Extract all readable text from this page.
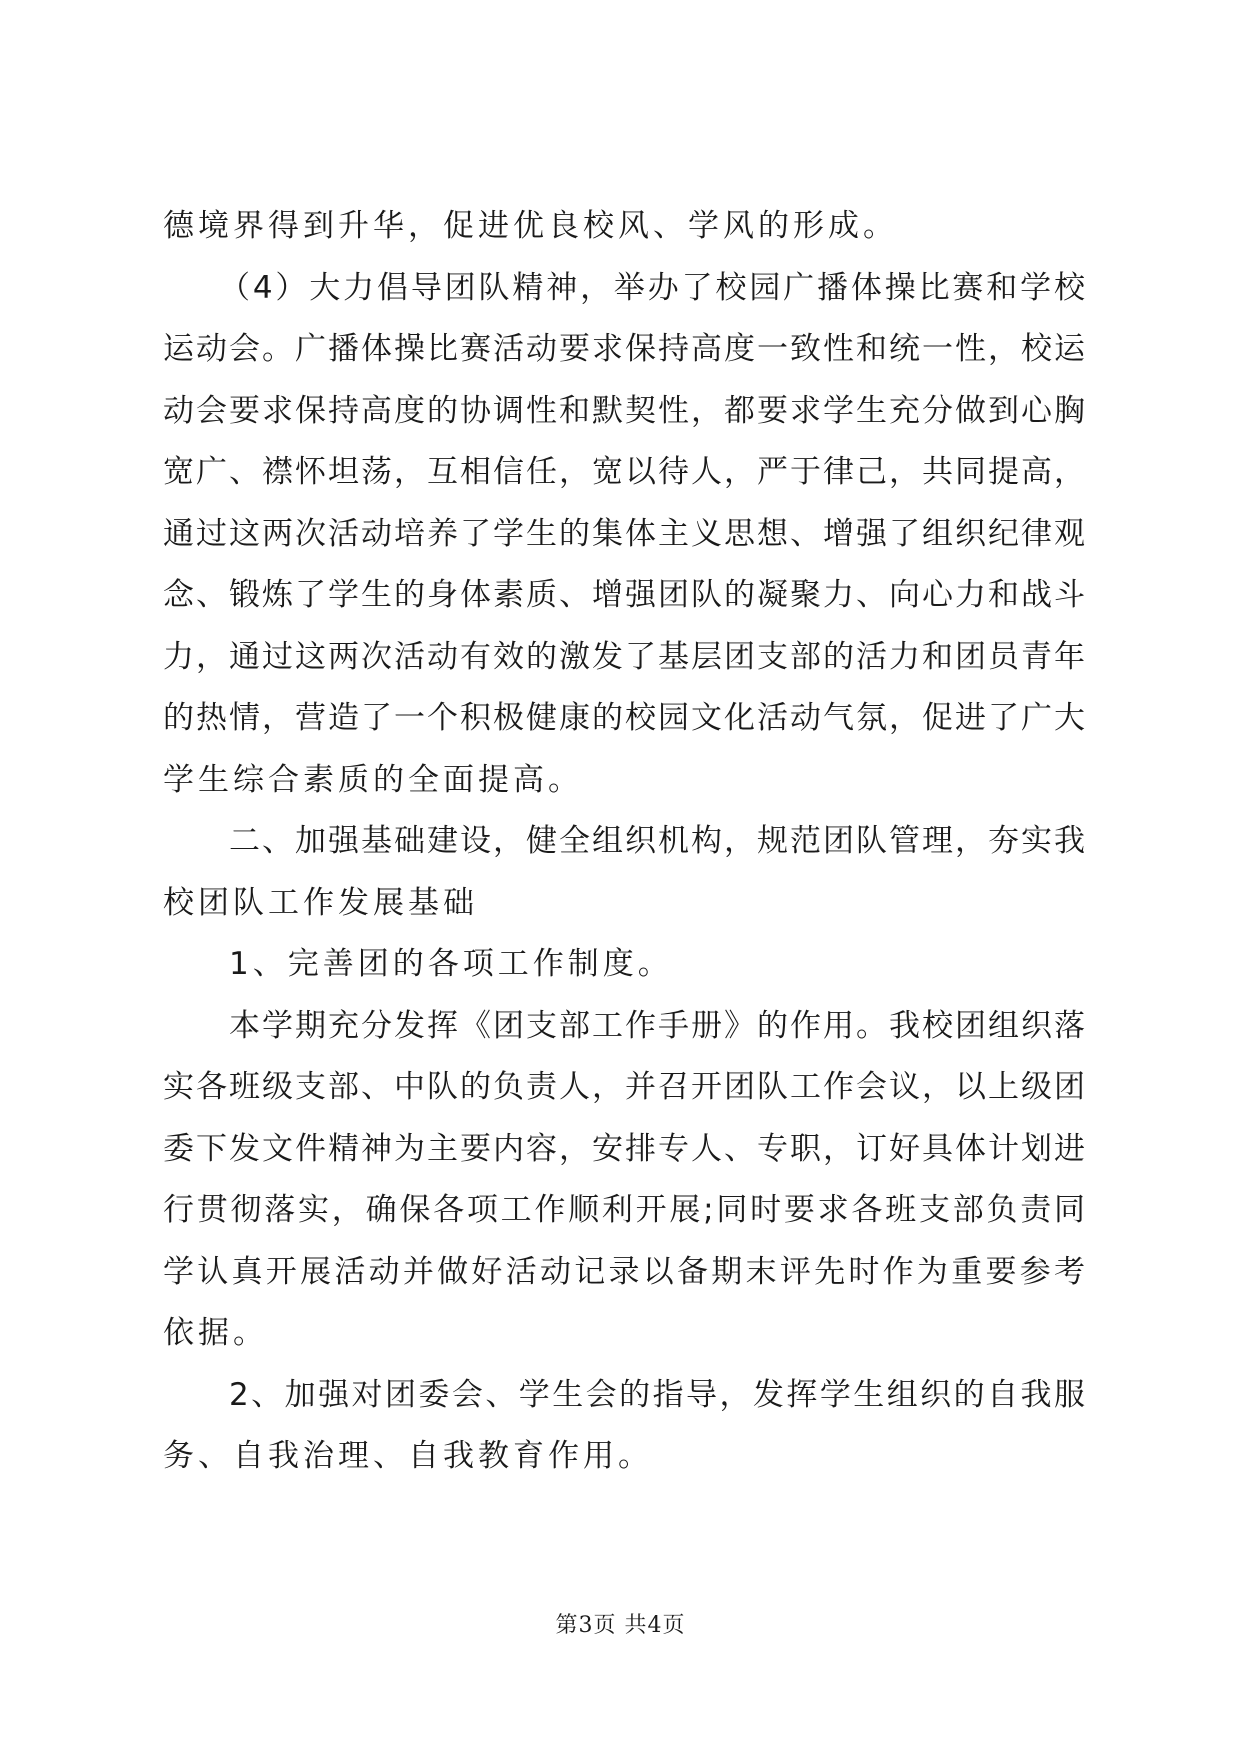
德境界得到升华，促进优良校风、学风的形成。
（4）大力倡导团队精神，举办了校园广播体操比赛和学校
运动会。广播体操比赛活动要求保持高度一致性和统一性，校运
动会要求保持高度的协调性和默契性，都要求学生充分做到心胸
宽广、襟怀坦荡，互相信任，宽以待人，严于律己，共同提高，
通过这两次活动培养了学生的集体主义思想、增强了组织纪律观
念、锻炼了学生的身体素质、增强团队的凝聚力、向心力和战斗
力，通过这两次活动有效的激发了基层团支部的活力和团员青年
的热情，营造了一个积极健康的校园文化活动气氛，促进了广大
学生综合素质的全面提高。
二、加强基础建设，健全组织机构，规范团队管理，夯实我
校团队工作发展基础
1、完善团的各项工作制度。
本学期充分发挥《团支部工作手册》的作用。我校团组织落
实各班级支部、中队的负责人，并召开团队工作会议，以上级团
委下发文件精神为主要内容，安排专人、专职，订好具体计划进
行贯彻落实，确保各项工作顺利开展;同时要求各班支部负责同
学认真开展活动并做好活动记录以备期末评先时作为重要参考
依据。
2、加强对团委会、学生会的指导，发挥学生组织的自我服
务、自我治理、自我教育作用。
第3页 共4页
